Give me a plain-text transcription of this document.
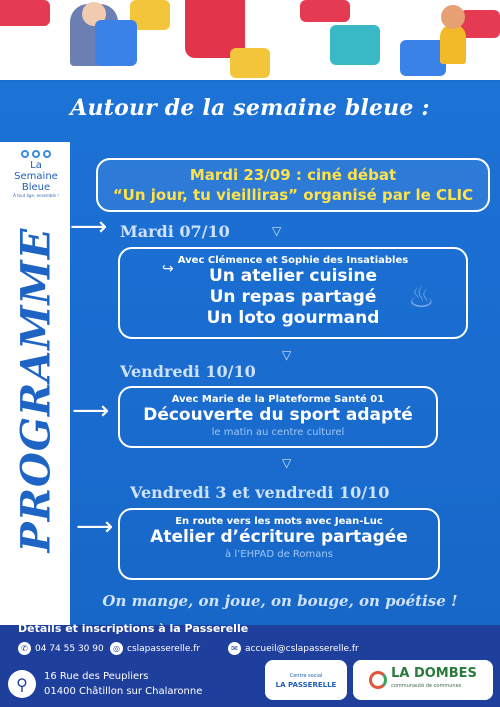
Autour de la semaine bleue :
La
Semaine
Bleue
À tout âge, ensemble !
PROGRAMME
⟶
⟶
⟶
Mardi 23/09 : ciné débat
“Un jour, tu vieilliras” organisé par le CLIC
Mardi 07/10	▽
Avec Clémence et Sophie des Insatiables
Un atelier cuisine
Un repas partagé
Un loto gourmand
↪
♨
▽
Vendredi 10/10
Avec Marie de la Plateforme Santé 01
Découverte du sport adapté
le matin au centre culturel
▽
Vendredi 3 et vendredi 10/10
En route vers les mots avec Jean-Luc
Atelier d’écriture partagée
à l’EHPAD de Romans
On mange, on joue, on bouge, on poétise !
Détails et inscriptions à la Passerelle
✆ 04 74 55 30 90	◎ cslapasserelle.fr	✉ accueil@cslapasserelle.fr
⚲	16 Rue des Peupliers
01400 Châtillon sur Chalaronne
Centre social
LA PASSERELLE
LA DOMBES
communauté de communes
